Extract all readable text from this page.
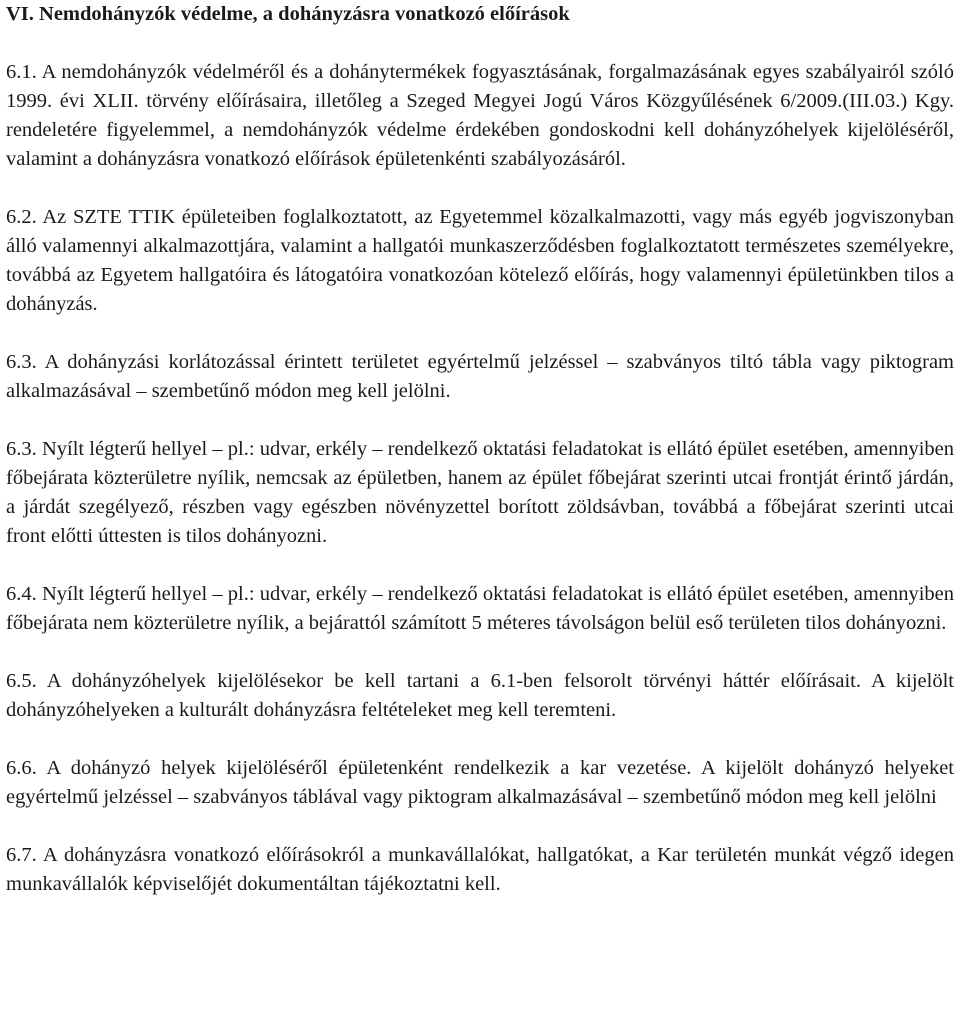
VI. Nemdohányzók védelme, a dohányzásra vonatkozó előírások

6.1. A nemdohányzók védelméről és a dohánytermékek fogyasztásának, forgalmazásának egyes szabályairól szóló 1999. évi XLII. törvény előírásaira, illetőleg a Szeged Megyei Jogú Város Közgyűlésének 6/2009.(III.03.) Kgy. rendeletére figyelemmel, a nemdohányzók védelme érdekében gondoskodni kell dohányzóhelyek kijelöléséről, valamint a dohányzásra vonatkozó előírások épületenkénti szabályozásáról.

6.2. Az SZTE TTIK épületeiben foglalkoztatott, az Egyetemmel közalkalmazotti, vagy más egyéb jogviszonyban álló valamennyi alkalmazottjára, valamint a hallgatói munkaszerződésben foglalkoztatott természetes személyekre, továbbá az Egyetem hallgatóira és látogatóira vonatkozóan kötelező előírás, hogy valamennyi épületünkben tilos a dohányzás.

6.3. A dohányzási korlátozással érintett területet egyértelmű jelzéssel – szabványos tiltó tábla vagy piktogram alkalmazásával – szembetűnő módon meg kell jelölni.

6.3. Nyílt légterű hellyel – pl.: udvar, erkély – rendelkező oktatási feladatokat is ellátó épület esetében, amennyiben főbejárata közterületre nyílik, nemcsak az épületben, hanem az épület főbejárat szerinti utcai frontját érintő járdán, a járdát szegélyező, részben vagy egészben növényzettel borított zöldsávban, továbbá a főbejárat szerinti utcai front előtti úttesten is tilos dohányozni.

6.4. Nyílt légterű hellyel – pl.: udvar, erkély – rendelkező oktatási feladatokat is ellátó épület esetében, amennyiben főbejárata nem közterületre nyílik, a bejárattól számított 5 méteres távolságon belül eső területen tilos dohányozni.

6.5. A dohányzóhelyek kijelölésekor be kell tartani a 6.1-ben felsorolt törvényi háttér előírásait. A kijelölt dohányzóhelyeken a kulturált dohányzásra feltételeket meg kell teremteni.

6.6. A dohányzó helyek kijelöléséről épületenként rendelkezik a kar vezetése. A kijelölt dohányzó helyeket egyértelmű jelzéssel – szabványos táblával vagy piktogram alkalmazásával – szembetűnő módon meg kell jelölni

6.7. A dohányzásra vonatkozó előírásokról a munkavállalókat, hallgatókat, a Kar területén munkát végző idegen munkavállalók képviselőjét dokumentáltan tájékoztatni kell.
